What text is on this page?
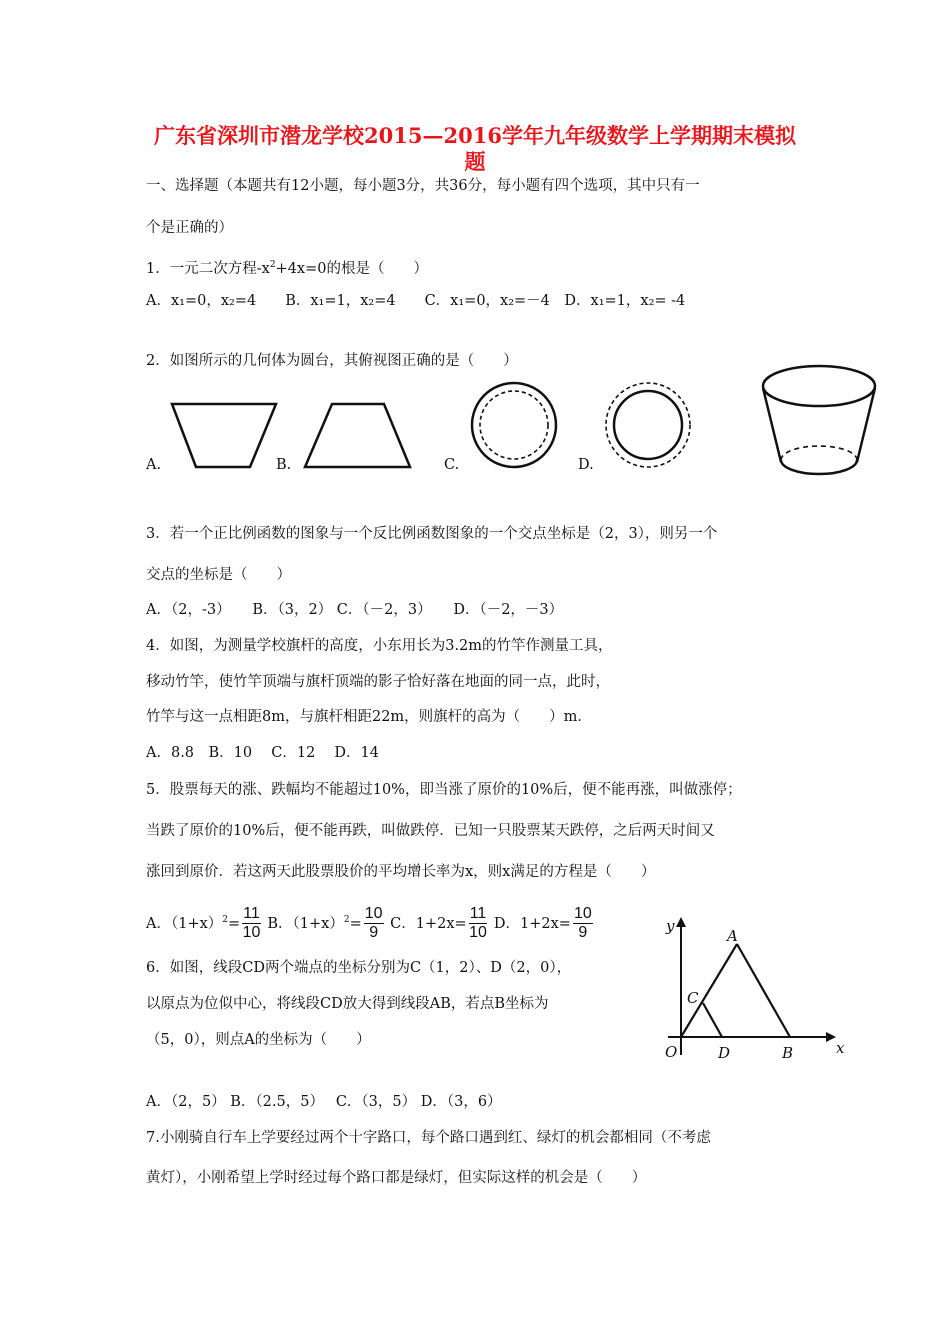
广东省深圳市潜龙学校2015—2016学年九年级数学上学期期末模拟
题
一、选择题（本题共有12小题，每小题3分，共36分，每小题有四个选项，其中只有一
个是正确的）
1．一元二次方程$-x^2+4x=0$的根是（　　）
A．x₁=0，x₂=4　　B．x₁=1，x₂=4　　C．x₁=0，x₂=－4　D．x₁=1，x₂= -4
2．如图所示的几何体为圆台，其俯视图正确的是（　　）
A.	B.	C.	D.
3．若一个正比例函数的图象与一个反比例函数图象的一个交点坐标是（2，3），则另一个
交点的坐标是（　　）
A．（2，-3）　　B．（3，2） C．（－2，3）　　D．（－2，－3）
4．如图，为测量学校旗杆的高度，小东用长为3.2m的竹竿作测量工具，
移动竹竿，使竹竿顶端与旗杆顶端的影子恰好落在地面的同一点，此时，
竹竿与这一点相距8m，与旗杆相距22m，则旗杆的高为（　　）m．
A．8.8　B．10　 C．12　 D．14
5．股票每天的涨、跌幅均不能超过10%，即当涨了原价的10%后，便不能再涨，叫做涨停；
当跌了原价的10%后，便不能再跌，叫做跌停．已知一只股票某天跌停，之后两天时间又
涨回到原价．若这两天此股票股价的平均增长率为x，则x满足的方程是（　　）
A．$(1+x)^2= \frac{11}{10}$ B．$(1+x)^2= \frac{10}{9}$ C．$1+2x= \frac{11}{10}$ D．$1+2x= \frac{10}{9}$
6．如图，线段CD两个端点的坐标分别为C（1，2）、D（2，0），
以原点为位似中心，将线段CD放大得到线段AB，若点B坐标为
（5，0），则点A的坐标为（　　）
A．（2，5） B．（2.5，5）　 C．（3，5） D．（3，6）
y
x
A
C
O	D	B
7.小刚骑自行车上学要经过两个十字路口，每个路口遇到红、绿灯的机会都相同（不考虑
黄灯），小刚希望上学时经过每个路口都是绿灯，但实际这样的机会是（　　）
